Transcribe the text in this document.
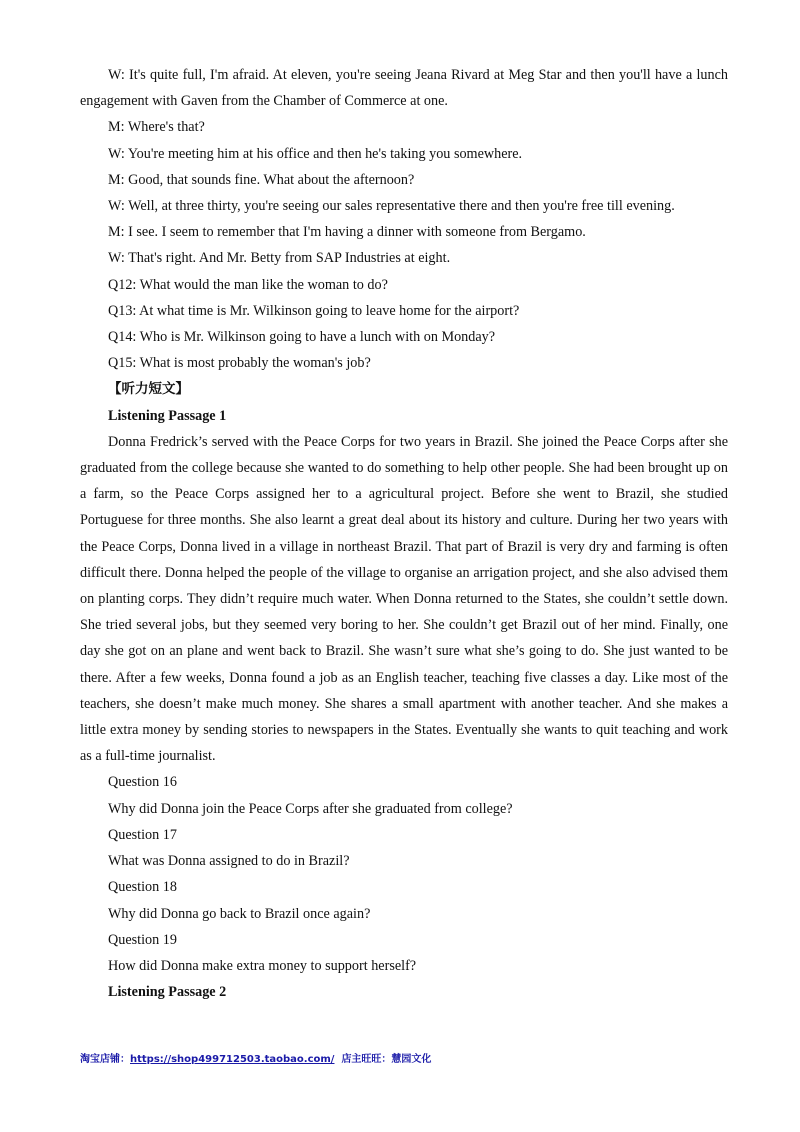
W: It's quite full, I'm afraid. At eleven, you're seeing Jeana Rivard at Meg Star and then you'll have a lunch engagement with Gaven from the Chamber of Commerce at one.
M: Where's that?
W: You're meeting him at his office and then he's taking you somewhere.
M: Good, that sounds fine. What about the afternoon?
W: Well, at three thirty, you're seeing our sales representative there and then you're free till evening.
M: I see. I seem to remember that I'm having a dinner with someone from Bergamo.
W: That's right. And Mr. Betty from SAP Industries at eight.
Q12: What would the man like the woman to do?
Q13: At what time is Mr. Wilkinson going to leave home for the airport?
Q14: Who is Mr. Wilkinson going to have a lunch with on Monday?
Q15: What is most probably the woman's job?
【听力短文】
Listening Passage 1
Donna Fredrick’s served with the Peace Corps for two years in Brazil. She joined the Peace Corps after she graduated from the college because she wanted to do something to help other people. She had been brought up on a farm, so the Peace Corps assigned her to a agricultural project. Before she went to Brazil, she studied Portuguese for three months. She also learnt a great deal about its history and culture. During her two years with the Peace Corps, Donna lived in a village in northeast Brazil. That part of Brazil is very dry and farming is often difficult there. Donna helped the people of the village to organise an arrigation project, and she also advised them on planting corps. They didn’t require much water. When Donna returned to the States, she couldn’t settle down. She tried several jobs, but they seemed very boring to her. She couldn’t get Brazil out of her mind. Finally, one day she got on an plane and went back to Brazil. She wasn’t sure what she’s going to do. She just wanted to be there. After a few weeks, Donna found a job as an English teacher, teaching five classes a day. Like most of the teachers, she doesn’t make much money. She shares a small apartment with another teacher. And she makes a little extra money by sending stories to newspapers in the States. Eventually she wants to quit teaching and work as a full-time journalist.
Question 16
Why did Donna join the Peace Corps after she graduated from college?
Question 17
What was Donna assigned to do in Brazil?
Question 18
Why did Donna go back to Brazil once again?
Question 19
How did Donna make extra money to support herself?
Listening Passage 2
淘宝店铺：https://shop499712503.taobao.com/ 店主旺旺：慧园文化
